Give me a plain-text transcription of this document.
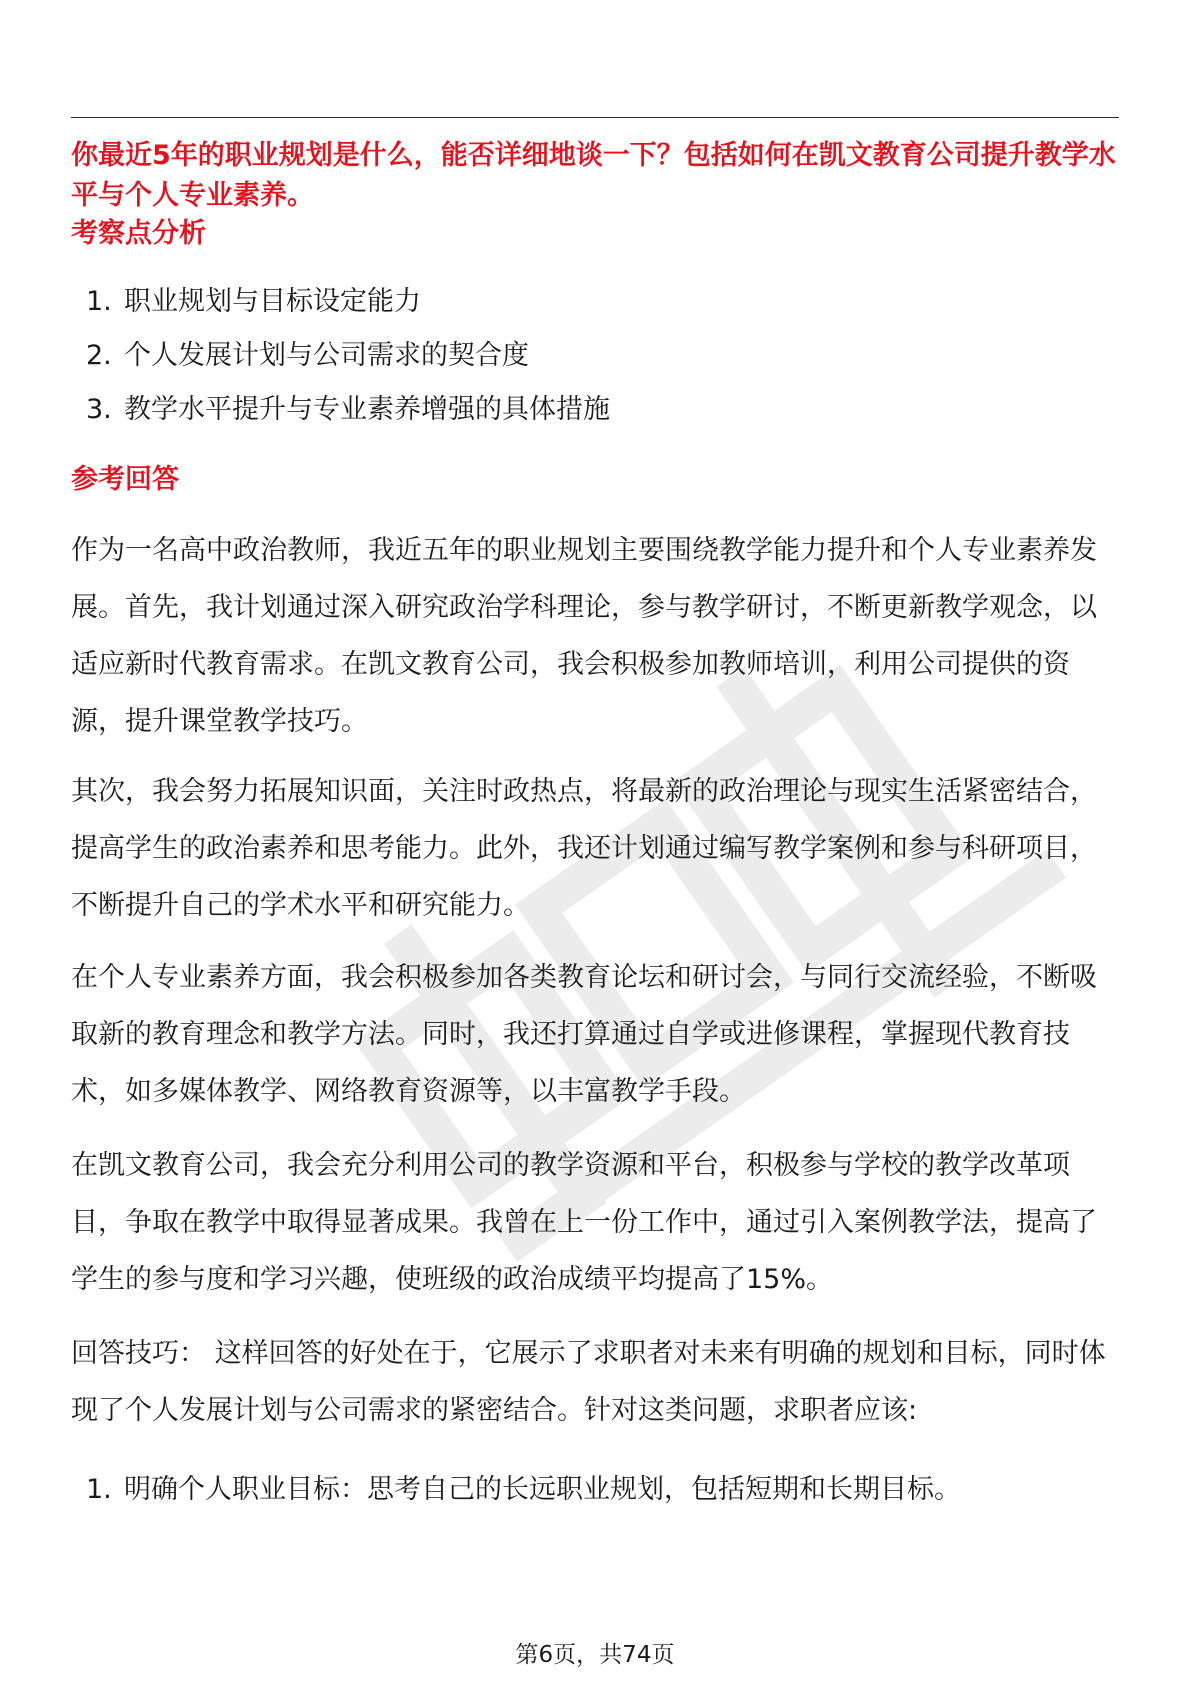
你最近5年的职业规划是什么，能否详细地谈一下？包括如何在凯文教育公司提升教学水平与个人专业素养。
考察点分析
1. 职业规划与目标设定能力
2. 个人发展计划与公司需求的契合度
3. 教学水平提升与专业素养增强的具体措施
参考回答

作为一名高中政治教师，我近五年的职业规划主要围绕教学能力提升和个人专业素养发展。首先，我计划通过深入研究政治学科理论，参与教学研讨，不断更新教学观念，以适应新时代教育需求。在凯文教育公司，我会积极参加教师培训，利用公司提供的资源，提升课堂教学技巧。

其次，我会努力拓展知识面，关注时政热点，将最新的政治理论与现实生活紧密结合，提高学生的政治素养和思考能力。此外，我还计划通过编写教学案例和参与科研项目，不断提升自己的学术水平和研究能力。

在个人专业素养方面，我会积极参加各类教育论坛和研讨会，与同行交流经验，不断吸取新的教育理念和教学方法。同时，我还打算通过自学或进修课程，掌握现代教育技术，如多媒体教学、网络教育资源等，以丰富教学手段。

在凯文教育公司，我会充分利用公司的教学资源和平台，积极参与学校的教学改革项目，争取在教学中取得显著成果。我曾在上一份工作中，通过引入案例教学法，提高了学生的参与度和学习兴趣，使班级的政治成绩平均提高了15%。

回答技巧： 这样回答的好处在于，它展示了求职者对未来有明确的规划和目标，同时体现了个人发展计划与公司需求的紧密结合。针对这类问题，求职者应该:

1. 明确个人职业目标：思考自己的长远职业规划，包括短期和长期目标。
第6页，共74页
